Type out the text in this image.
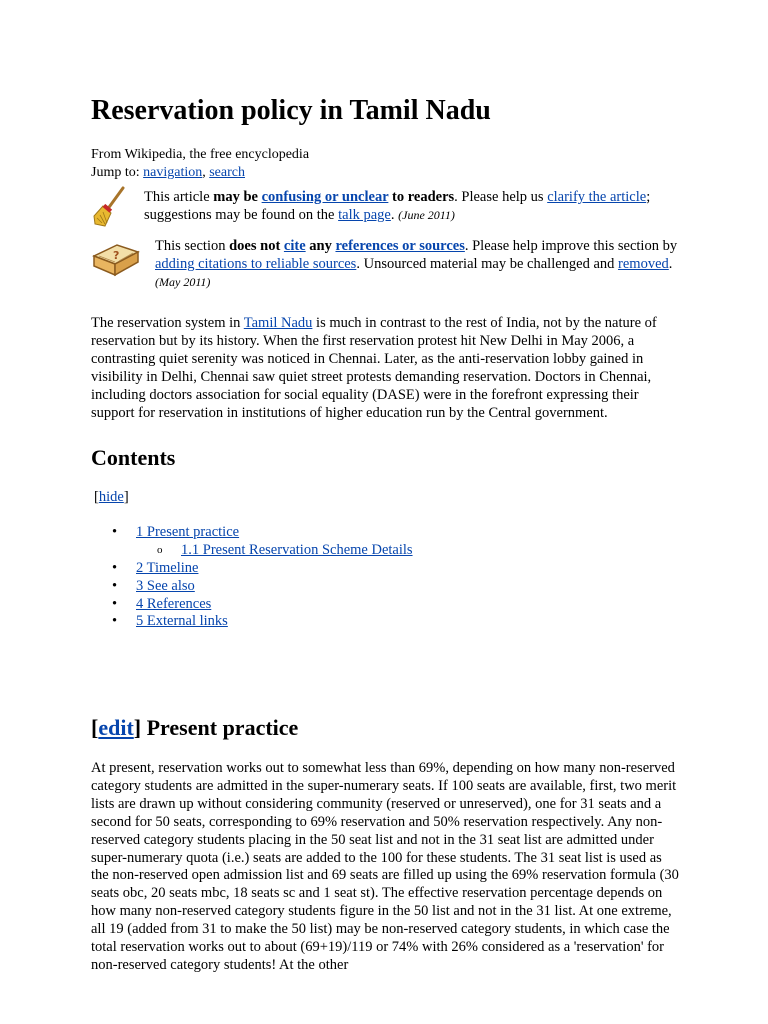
Reservation policy in Tamil Nadu
From Wikipedia, the free encyclopedia
Jump to: navigation, search
This article may be confusing or unclear to readers. Please help us clarify the article; suggestions may be found on the talk page. (June 2011)
?
This section does not cite any references or sources. Please help improve this section by adding citations to reliable sources. Unsourced material may be challenged and removed. (May 2011)

The reservation system in Tamil Nadu is much in contrast to the rest of India, not by the nature of reservation but by its history. When the first reservation protest hit New Delhi in May 2006, a contrasting quiet serenity was noticed in Chennai. Later, as the anti-reservation lobby gained in visibility in Delhi, Chennai saw quiet street protests demanding reservation. Doctors in Chennai, including doctors association for social equality (DASE) were in the forefront expressing their support for reservation in institutions of higher education run by the Central government.

Contents
[hide]
• 1 Present practice
o 1.1 Present Reservation Scheme Details
• 2 Timeline
• 3 See also
• 4 References
• 5 External links
[edit] Present practice

At present, reservation works out to somewhat less than 69%, depending on how many non-reserved category students are admitted in the super-numerary seats. If 100 seats are available, first, two merit lists are drawn up without considering community (reserved or unreserved), one for 31 seats and a second for 50 seats, corresponding to 69% reservation and 50% reservation respectively. Any non-reserved category students placing in the 50 seat list and not in the 31 seat list are admitted under super-numerary quota (i.e.) seats are added to the 100 for these students. The 31 seat list is used as the non-reserved open admission list and 69 seats are filled up using the 69% reservation formula (30 seats obc, 20 seats mbc, 18 seats sc and 1 seat st). The effective reservation percentage depends on how many non-reserved category students figure in the 50 list and not in the 31 list. At one extreme, all 19 (added from 31 to make the 50 list) may be non-reserved category students, in which case the total reservation works out to about (69+19)/119 or 74% with 26% considered as a 'reservation' for non-reserved category students! At the other
